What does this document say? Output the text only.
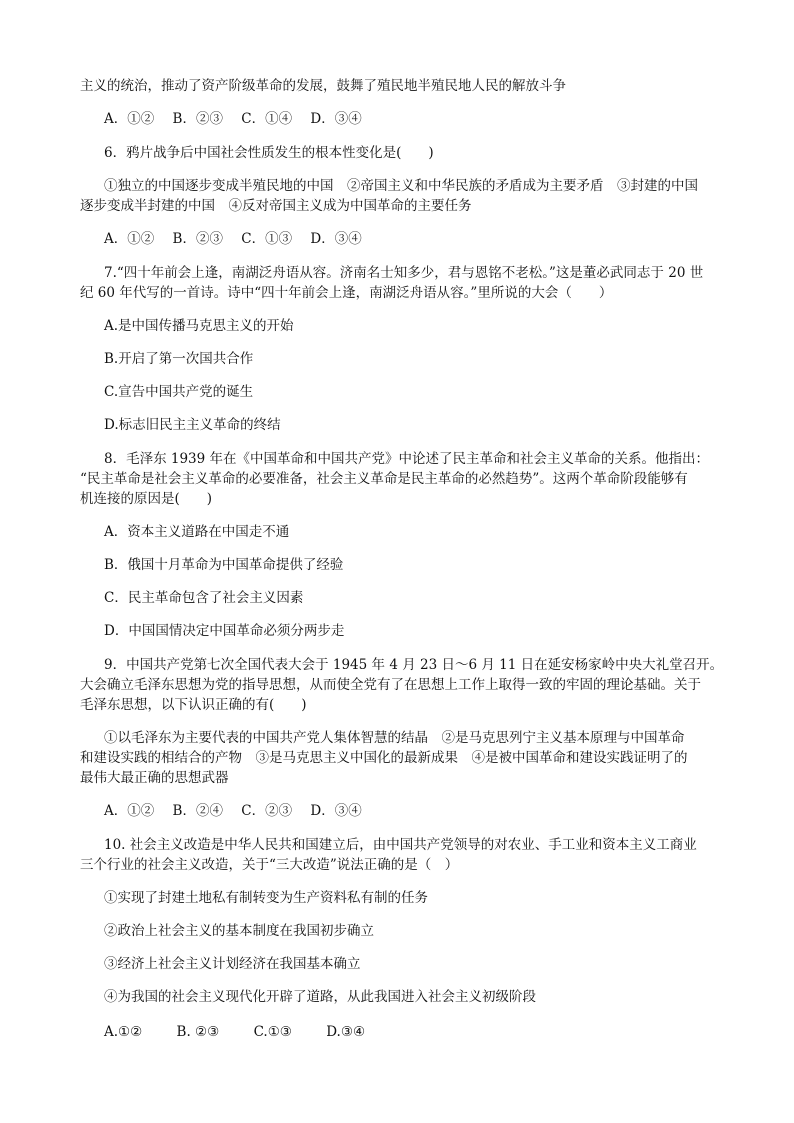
主义的统治，推动了资产阶级革命的发展，鼓舞了殖民地半殖民地人民的解放斗争
A．①② B．②③ C．①④ D．③④
6．鸦片战争后中国社会性质发生的根本性变化是(　　)
①独立的中国逐步变成半殖民地的中国　②帝国主义和中华民族的矛盾成为主要矛盾　③封建的中国
逐步变成半封建的中国　④反对帝国主义成为中国革命的主要任务
A．①② B．②③ C．①③ D．③④
7.“四十年前会上逢，南湖泛舟语从容。济南名士知多少，君与恩铭不老松。”这是董必武同志于 20 世
纪 60 年代写的一首诗。诗中“四十年前会上逢，南湖泛舟语从容。”里所说的大会（　　）
A.是中国传播马克思主义的开始
B.开启了第一次国共合作
C.宣告中国共产党的诞生
D.标志旧民主主义革命的终结
8．毛泽东 1939 年在《中国革命和中国共产党》中论述了民主革命和社会主义革命的关系。他指出：
“民主革命是社会主义革命的必要准备，社会主义革命是民主革命的必然趋势”。这两个革命阶段能够有
机连接的原因是(　　)
A．资本主义道路在中国走不通
B．俄国十月革命为中国革命提供了经验
C．民主革命包含了社会主义因素
D．中国国情决定中国革命必须分两步走
9．中国共产党第七次全国代表大会于 1945 年 4 月 23 日～6 月 11 日在延安杨家岭中央大礼堂召开。
大会确立毛泽东思想为党的指导思想，从而使全党有了在思想上工作上取得一致的牢固的理论基础。关于
毛泽东思想，以下认识正确的有(　　)
①以毛泽东为主要代表的中国共产党人集体智慧的结晶　②是马克思列宁主义基本原理与中国革命
和建设实践的相结合的产物　③是马克思主义中国化的最新成果　④是被中国革命和建设实践证明了的
最伟大最正确的思想武器
A．①② B．②④ C．②③ D．③④
10. 社会主义改造是中华人民共和国建立后，由中国共产党领导的对农业、手工业和资本主义工商业
三个行业的社会主义改造，关于“三大改造”说法正确的是（　）
①实现了封建土地私有制转变为生产资料私有制的任务
②政治上社会主义的基本制度在我国初步确立
③经济上社会主义计划经济在我国基本确立
④为我国的社会主义现代化开辟了道路，从此我国进入社会主义初级阶段
A.①②	B. ②③	C.①③	D.③④
